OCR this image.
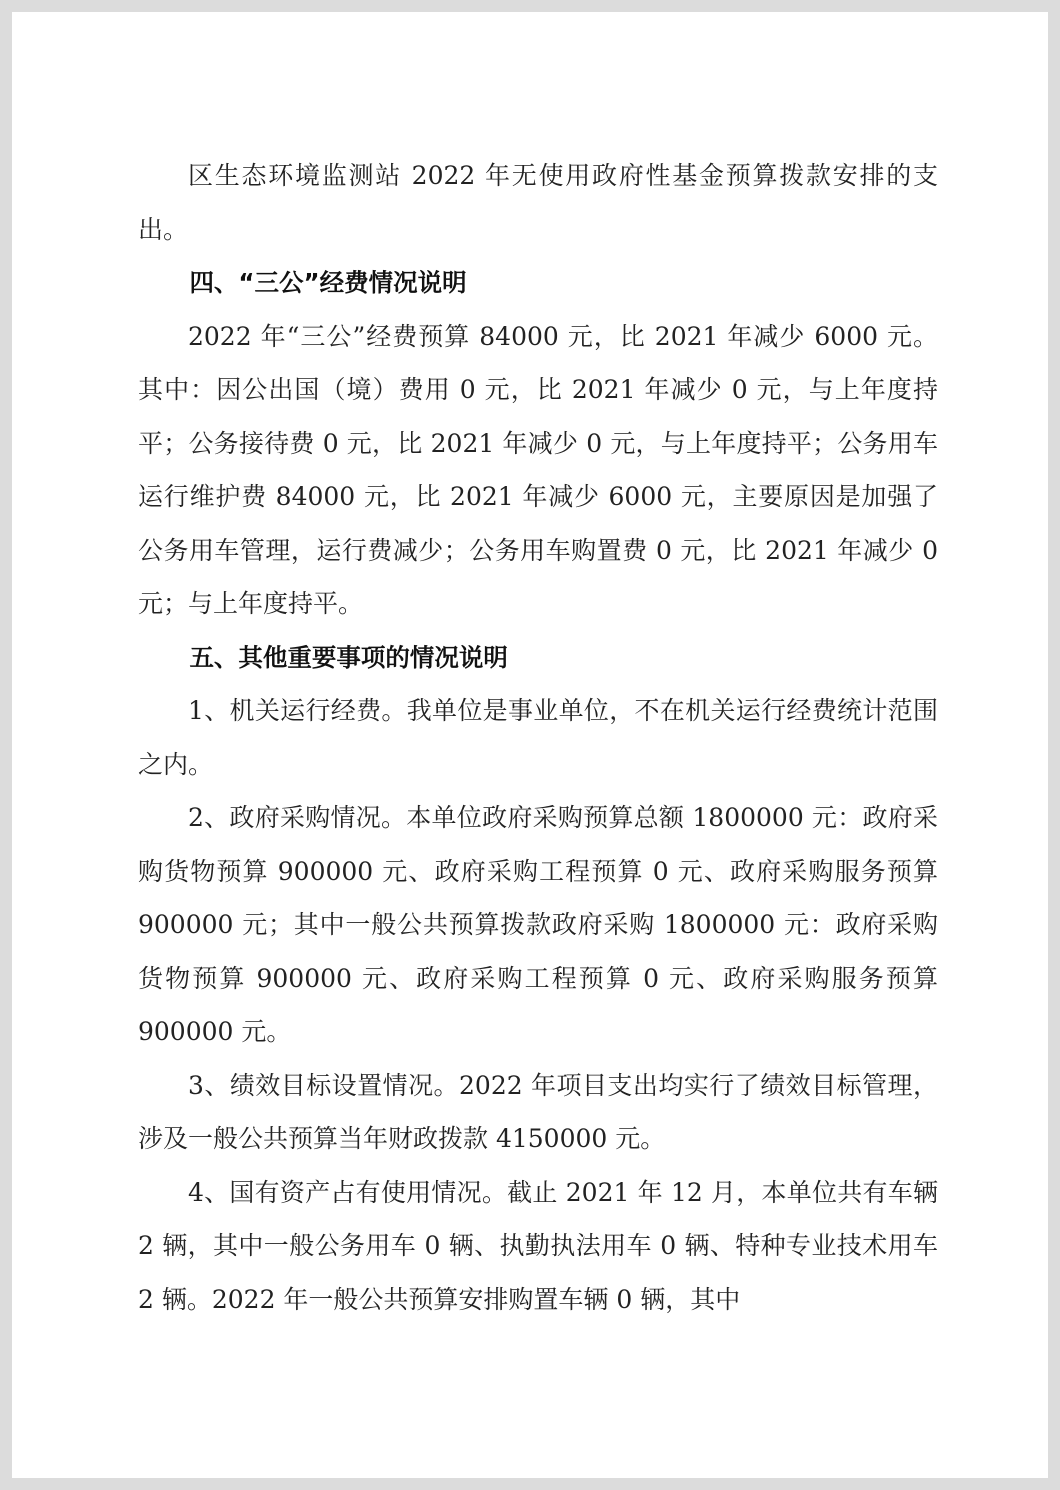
区生态环境监测站 2022 年无使用政府性基金预算拨款安排的支出。

四、“三公”经费情况说明

2022 年“三公”经费预算 84000 元，比 2021 年减少 6000 元。其中：因公出国（境）费用 0 元，比 2021 年减少 0 元，与上年度持平；公务接待费 0 元，比 2021 年减少 0 元，与上年度持平；公务用车运行维护费 84000 元，比 2021 年减少 6000 元，主要原因是加强了公务用车管理，运行费减少；公务用车购置费 0 元，比 2021 年减少 0 元；与上年度持平。

五、其他重要事项的情况说明

1、机关运行经费。我单位是事业单位，不在机关运行经费统计范围之内。

2、政府采购情况。本单位政府采购预算总额 1800000 元：政府采购货物预算 900000 元、政府采购工程预算 0 元、政府采购服务预算 900000 元；其中一般公共预算拨款政府采购 1800000 元：政府采购货物预算 900000 元、政府采购工程预算 0 元、政府采购服务预算 900000 元。

3、绩效目标设置情况。2022 年项目支出均实行了绩效目标管理，涉及一般公共预算当年财政拨款 4150000 元。

4、国有资产占有使用情况。截止 2021 年 12 月，本单位共有车辆 2 辆，其中一般公务用车 0 辆、执勤执法用车 0 辆、特种专业技术用车 2 辆。2022 年一般公共预算安排购置车辆 0 辆，其中
